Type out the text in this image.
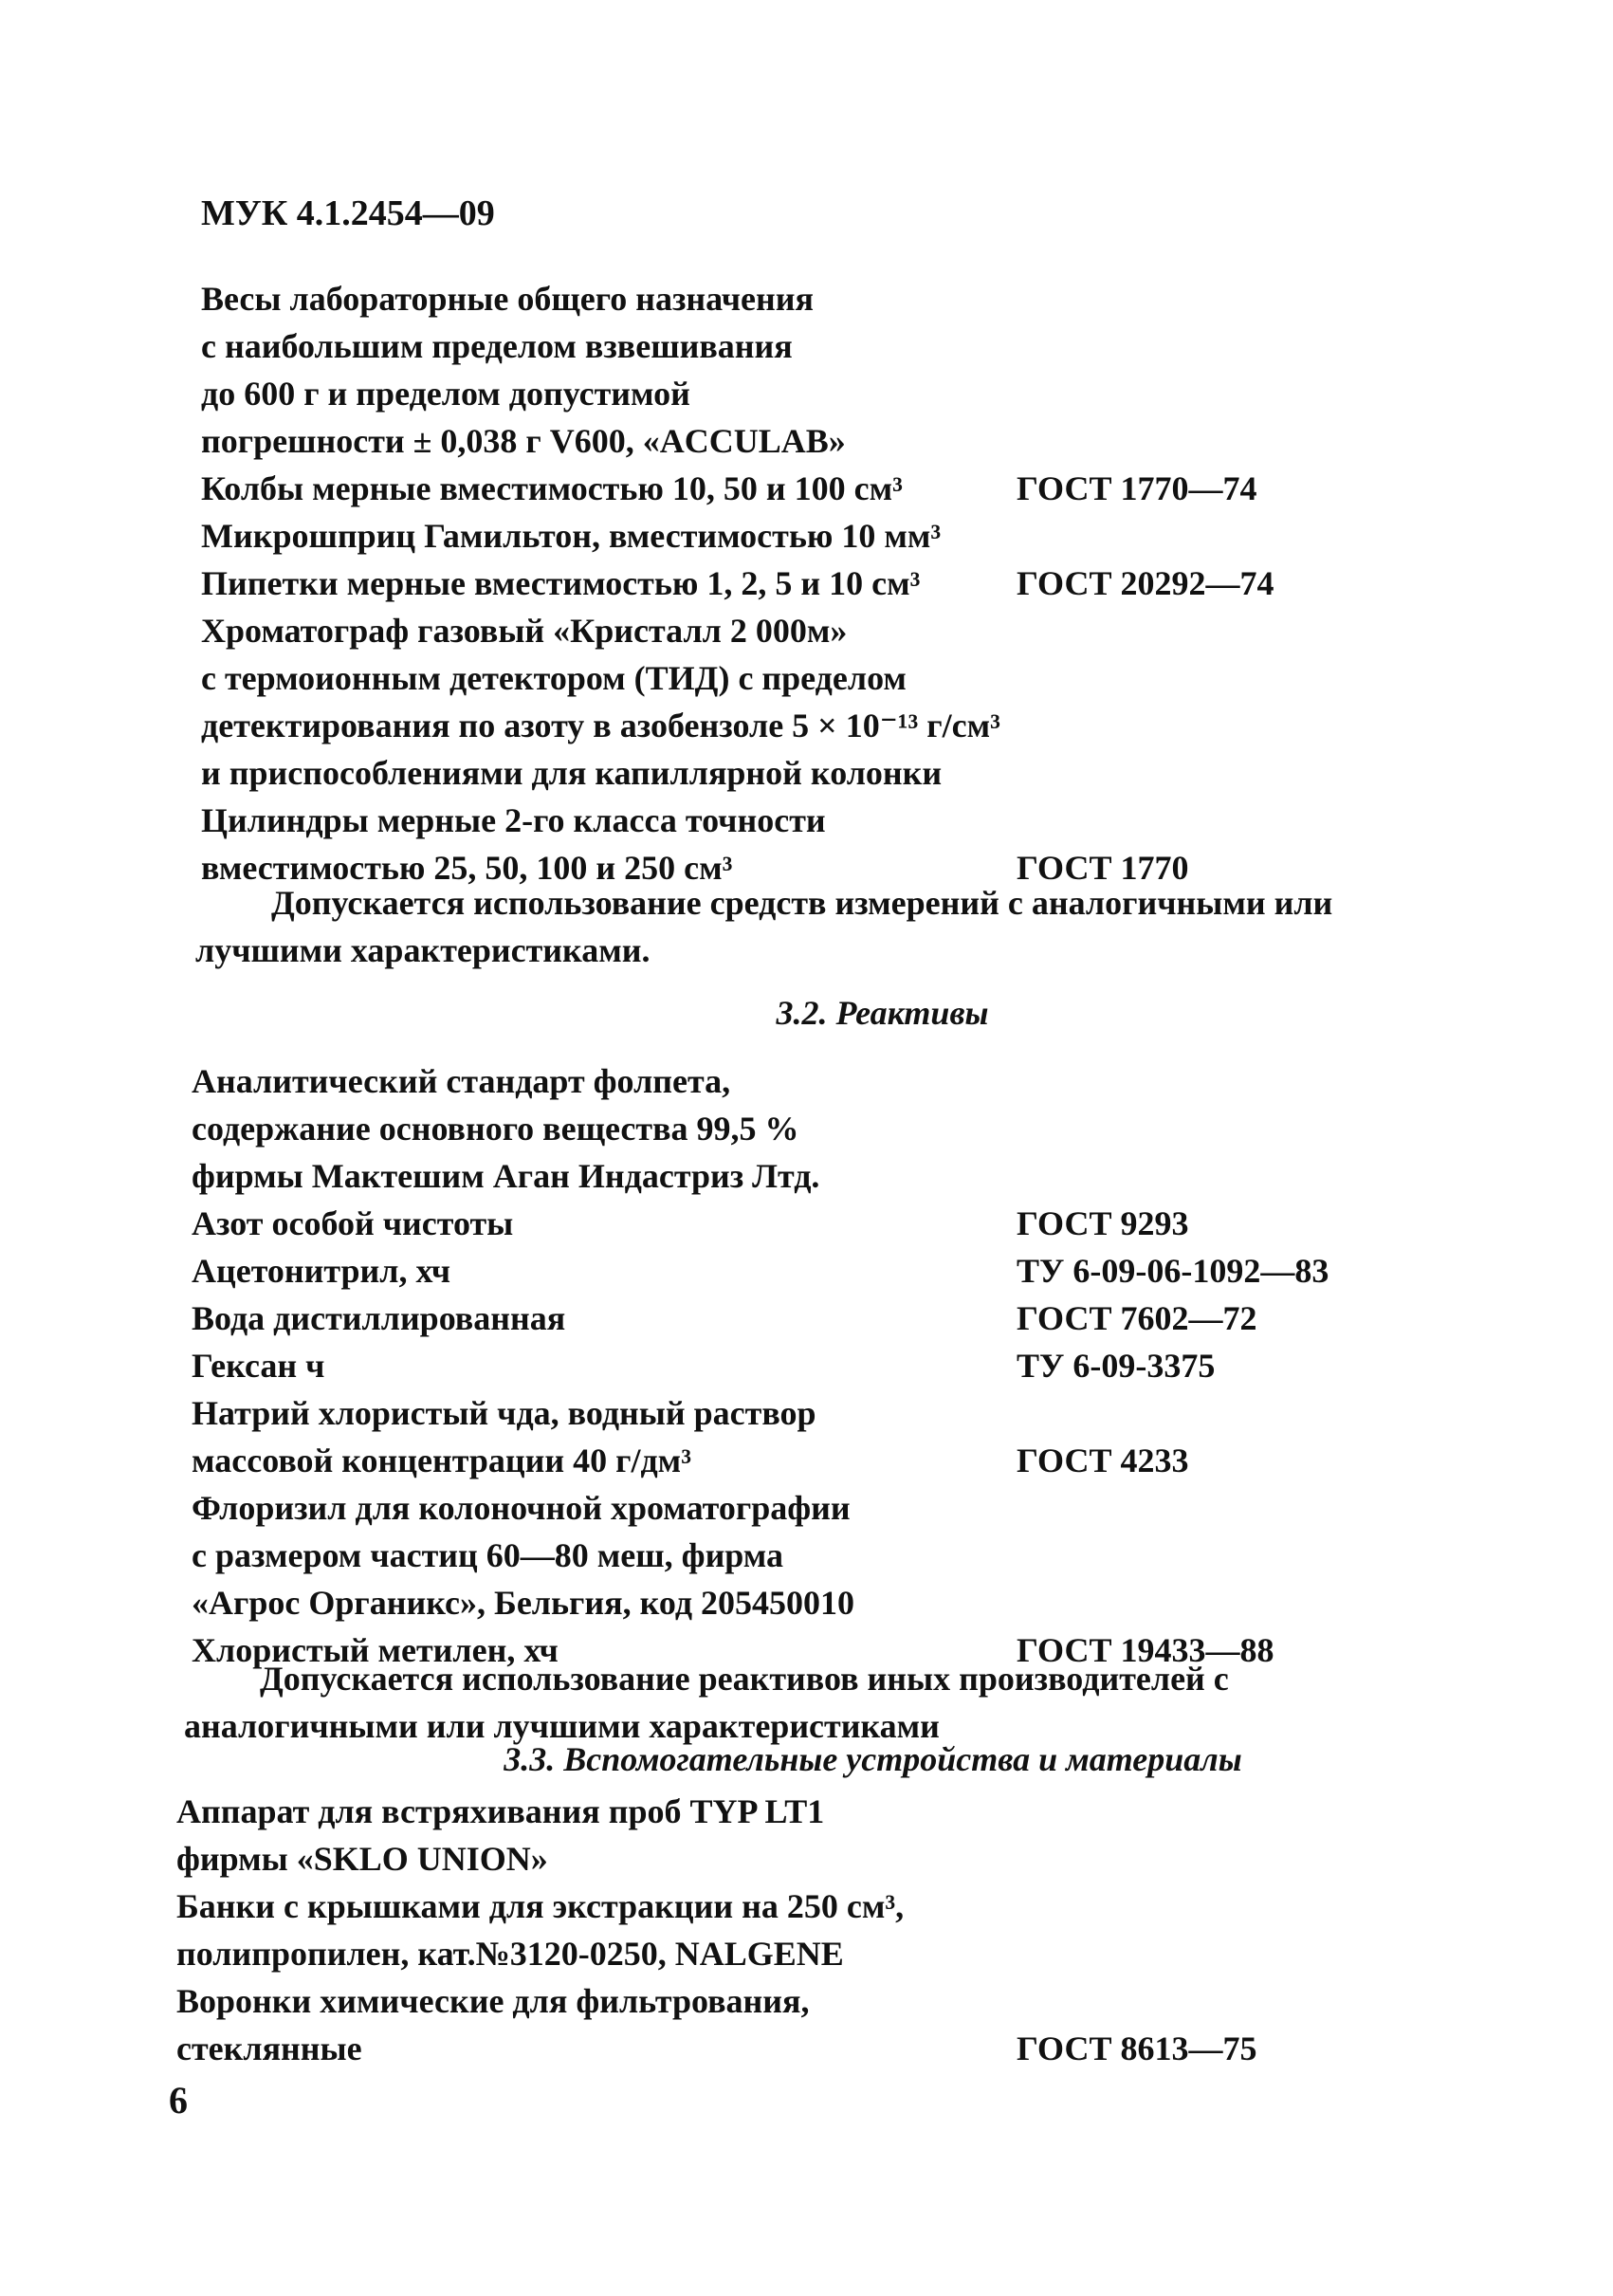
МУК 4.1.2454—09
Весы лабораторные общего назначения
с наибольшим пределом взвешивания
до 600 г и пределом допустимой
погрешности ± 0,038 г V600, «ACCULAB»
Колбы мерные вместимостью 10, 50 и 100 см³	ГОСТ 1770—74
Микрошприц Гамильтон, вместимостью 10 мм³
Пипетки мерные вместимостью 1, 2, 5 и 10 см³	ГОСТ 20292—74
Хроматограф газовый «Кристалл 2 000м»
с термоионным детектором (ТИД) с пределом
детектирования по азоту в азобензоле 5 × 10⁻¹³ г/см³
и приспособлениями для капиллярной колонки
Цилиндры мерные 2-го класса точности
вместимостью 25, 50, 100 и 250 см³	ГОСТ 1770
Допускается использование средств измерений с аналогичными или лучшими характеристиками.
3.2. Реактивы
Аналитический стандарт фолпета,
содержание основного вещества 99,5 %
фирмы Мактешим Аган Индастриз Лтд.
Азот особой чистоты	ГОСТ 9293
Ацетонитрил, хч	ТУ 6-09-06-1092—83
Вода дистиллированная	ГОСТ 7602—72
Гексан ч	ТУ 6-09-3375
Натрий хлористый чда, водный раствор
массовой концентрации 40 г/дм³	ГОСТ 4233
Флоризил для колоночной хроматографии
с размером частиц 60—80 меш, фирма
«Агрос Органикс», Бельгия, код 205450010
Хлористый метилен, хч	ГОСТ 19433—88
Допускается использование реактивов иных производителей с аналогичными или лучшими характеристиками
3.3. Вспомогательные устройства и материалы
Аппарат для встряхивания проб TYP LT1
фирмы «SKLO UNION»
Банки с крышками для экстракции на 250 см³,
полипропилен, кат.№3120-0250, NALGENE
Воронки химические для фильтрования,
стеклянные	ГОСТ 8613—75
6
